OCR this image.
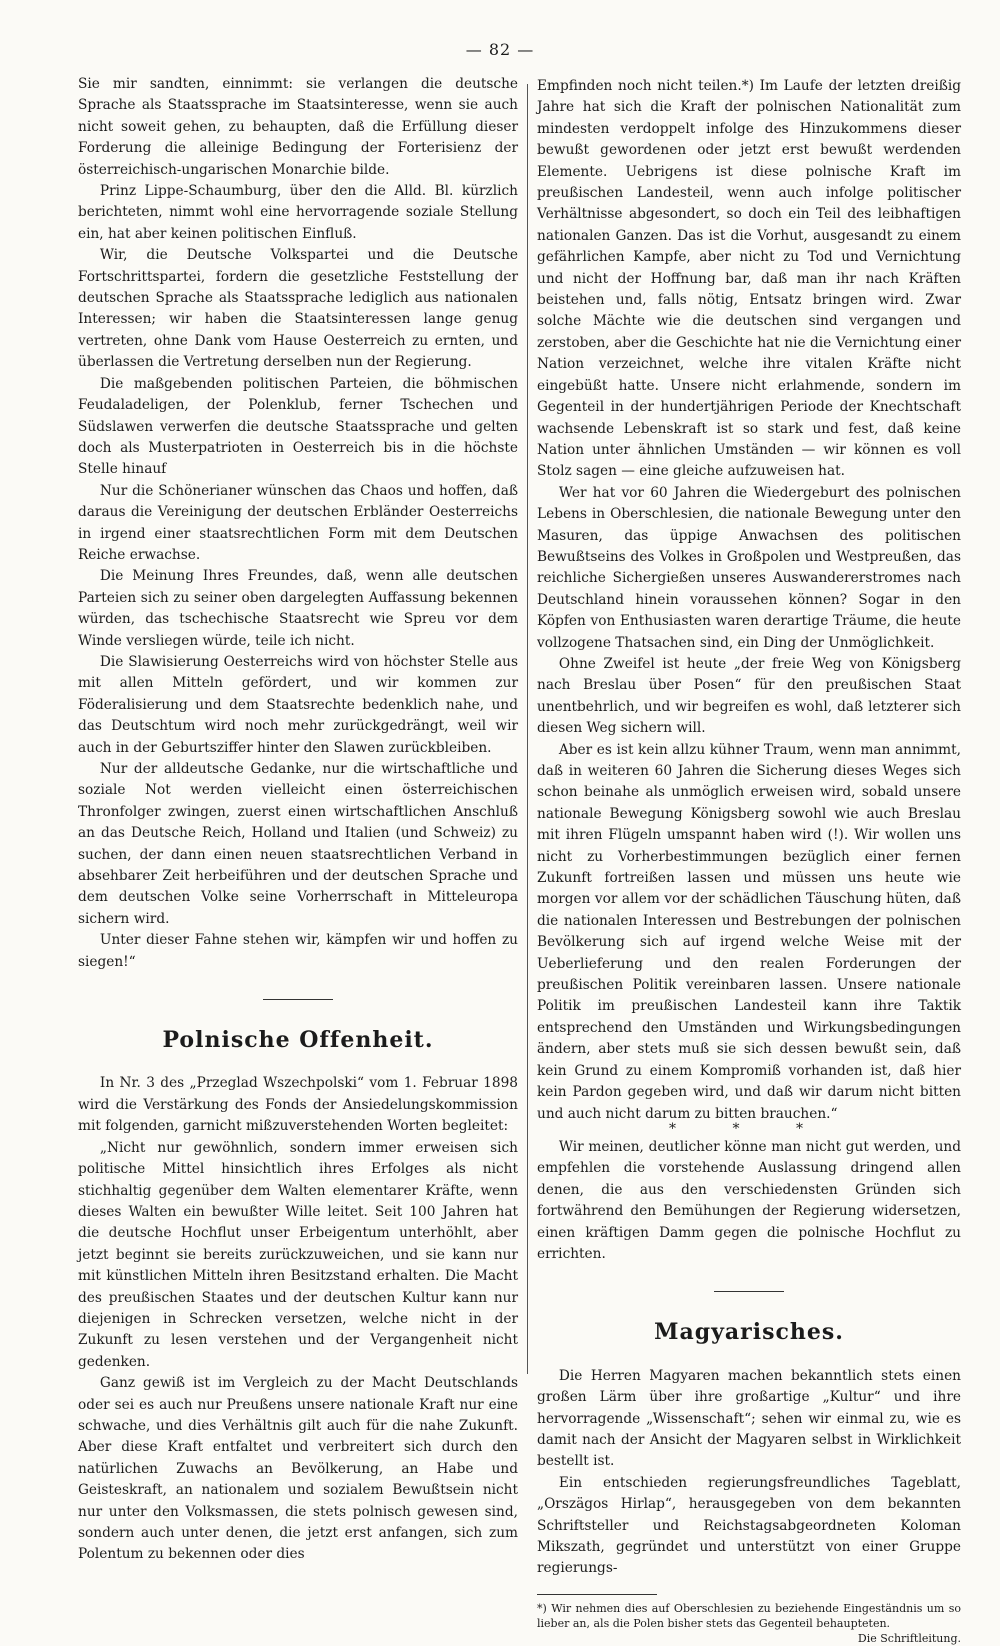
— 82 —

Sie mir sandten, einnimmt: sie verlangen die deutsche Sprache als Staatssprache im Staatsinteresse, wenn sie auch nicht soweit gehen, zu behaupten, daß die Erfüllung dieser Forderung die alleinige Bedingung der Forterisienz der österreichisch-ungarischen Monarchie bilde.

Prinz Lippe-Schaumburg, über den die Alld. Bl. kürzlich berichteten, nimmt wohl eine hervorragende soziale Stellung ein, hat aber keinen politischen Einfluß.

Wir, die Deutsche Volkspartei und die Deutsche Fortschrittspartei, fordern die gesetzliche Feststellung der deutschen Sprache als Staatssprache lediglich aus nationalen Interessen; wir haben die Staatsinteressen lange genug vertreten, ohne Dank vom Hause Oesterreich zu ernten, und überlassen die Vertretung derselben nun der Regierung.

Die maßgebenden politischen Parteien, die böhmischen Feudaladeligen, der Polenklub, ferner Tschechen und Südslawen verwerfen die deutsche Staatssprache und gelten doch als Musterpatrioten in Oesterreich bis in die höchste Stelle hinauf

Nur die Schönerianer wünschen das Chaos und hoffen, daß daraus die Vereinigung der deutschen Erbländer Oesterreichs in irgend einer staatsrechtlichen Form mit dem Deutschen Reiche erwachse.

Die Meinung Ihres Freundes, daß, wenn alle deutschen Parteien sich zu seiner oben dargelegten Auffassung bekennen würden, das tschechische Staatsrecht wie Spreu vor dem Winde versliegen würde, teile ich nicht.

Die Slawisierung Oesterreichs wird von höchster Stelle aus mit allen Mitteln gefördert, und wir kommen zur Föderalisierung und dem Staatsrechte bedenklich nahe, und das Deutschtum wird noch mehr zurückgedrängt, weil wir auch in der Geburtsziffer hinter den Slawen zurückbleiben.

Nur der alldeutsche Gedanke, nur die wirtschaftliche und soziale Not werden vielleicht einen österreichischen Thronfolger zwingen, zuerst einen wirtschaftlichen Anschluß an das Deutsche Reich, Holland und Italien (und Schweiz) zu suchen, der dann einen neuen staatsrechtlichen Verband in absehbarer Zeit herbeiführen und der deutschen Sprache und dem deutschen Volke seine Vorherrschaft in Mitteleuropa sichern wird.

Unter dieser Fahne stehen wir, kämpfen wir und hoffen zu siegen!“

Polnische Offenheit.

In Nr. 3 des „Przeglad Wszechpolski“ vom 1. Februar 1898 wird die Verstärkung des Fonds der Ansiedelungskommission mit folgenden, garnicht mißzuverstehenden Worten begleitet:

„Nicht nur gewöhnlich, sondern immer erweisen sich politische Mittel hinsichtlich ihres Erfolges als nicht stichhaltig gegenüber dem Walten elementarer Kräfte, wenn dieses Walten ein bewußter Wille leitet. Seit 100 Jahren hat die deutsche Hochflut unser Erbeigentum unterhöhlt, aber jetzt beginnt sie bereits zurückzuweichen, und sie kann nur mit künstlichen Mitteln ihren Besitzstand erhalten. Die Macht des preußischen Staates und der deutschen Kultur kann nur diejenigen in Schrecken versetzen, welche nicht in der Zukunft zu lesen verstehen und der Vergangenheit nicht gedenken.

Ganz gewiß ist im Vergleich zu der Macht Deutschlands oder sei es auch nur Preußens unsere nationale Kraft nur eine schwache, und dies Verhältnis gilt auch für die nahe Zukunft. Aber diese Kraft entfaltet und verbreitert sich durch den natürlichen Zuwachs an Bevölkerung, an Habe und Geisteskraft, an nationalem und sozialem Bewußtsein nicht nur unter den Volksmassen, die stets polnisch gewesen sind, sondern auch unter denen, die jetzt erst anfangen, sich zum Polentum zu bekennen oder dies

Empfinden noch nicht teilen.*) Im Laufe der letzten dreißig Jahre hat sich die Kraft der polnischen Nationalität zum mindesten verdoppelt infolge des Hinzukommens dieser bewußt gewordenen oder jetzt erst bewußt werdenden Elemente. Uebrigens ist diese polnische Kraft im preußischen Landesteil, wenn auch infolge politischer Verhältnisse abgesondert, so doch ein Teil des leibhaftigen nationalen Ganzen. Das ist die Vorhut, ausgesandt zu einem gefährlichen Kampfe, aber nicht zu Tod und Vernichtung und nicht der Hoffnung bar, daß man ihr nach Kräften beistehen und, falls nötig, Entsatz bringen wird. Zwar solche Mächte wie die deutschen sind vergangen und zerstoben, aber die Geschichte hat nie die Vernichtung einer Nation verzeichnet, welche ihre vitalen Kräfte nicht eingebüßt hatte. Unsere nicht erlahmende, sondern im Gegenteil in der hundertjährigen Periode der Knechtschaft wachsende Lebenskraft ist so stark und fest, daß keine Nation unter ähnlichen Umständen — wir können es voll Stolz sagen — eine gleiche aufzuweisen hat.

Wer hat vor 60 Jahren die Wiedergeburt des polnischen Lebens in Oberschlesien, die nationale Bewegung unter den Masuren, das üppige Anwachsen des politischen Bewußtseins des Volkes in Großpolen und Westpreußen, das reichliche Sichergießen unseres Auswandererstromes nach Deutschland hinein voraussehen können? Sogar in den Köpfen von Enthusiasten waren derartige Träume, die heute vollzogene Thatsachen sind, ein Ding der Unmöglichkeit.

Ohne Zweifel ist heute „der freie Weg von Königsberg nach Breslau über Posen“ für den preußischen Staat unentbehrlich, und wir begreifen es wohl, daß letzterer sich diesen Weg sichern will.

Aber es ist kein allzu kühner Traum, wenn man annimmt, daß in weiteren 60 Jahren die Sicherung dieses Weges sich schon beinahe als unmöglich erweisen wird, sobald unsere nationale Bewegung Königsberg sowohl wie auch Breslau mit ihren Flügeln umspannt haben wird (!). Wir wollen uns nicht zu Vorherbestimmungen bezüglich einer fernen Zukunft fortreißen lassen und müssen uns heute wie morgen vor allem vor der schädlichen Täuschung hüten, daß die nationalen Interessen und Bestrebungen der polnischen Bevölkerung sich auf irgend welche Weise mit der Ueberlieferung und den realen Forderungen der preußischen Politik vereinbaren lassen. Unsere nationale Politik im preußischen Landesteil kann ihre Taktik entsprechend den Umständen und Wirkungsbedingungen ändern, aber stets muß sie sich dessen bewußt sein, daß kein Grund zu einem Kompromiß vorhanden ist, daß hier kein Pardon gegeben wird, und daß wir darum nicht bitten und auch nicht darum zu bitten brauchen.“

* * *

Wir meinen, deutlicher könne man nicht gut werden, und empfehlen die vorstehende Auslassung dringend allen denen, die aus den verschiedensten Gründen sich fortwährend den Bemühungen der Regierung widersetzen, einen kräftigen Damm gegen die polnische Hochflut zu errichten.

Magyarisches.

Die Herren Magyaren machen bekanntlich stets einen großen Lärm über ihre großartige „Kultur“ und ihre hervorragende „Wissenschaft“; sehen wir einmal zu, wie es damit nach der Ansicht der Magyaren selbst in Wirklichkeit bestellt ist.

Ein entschieden regierungsfreundliches Tageblatt, „Orszägos Hirlap“, herausgegeben von dem bekannten Schriftsteller und Reichstagsabgeordneten Koloman Mikszath, gegründet und unterstützt von einer Gruppe regierungs-

*) Wir nehmen dies auf Oberschlesien zu beziehende Eingeständnis um so lieber an, als die Polen bisher stets das Gegenteil behaupteten.
Die Schriftleitung.
